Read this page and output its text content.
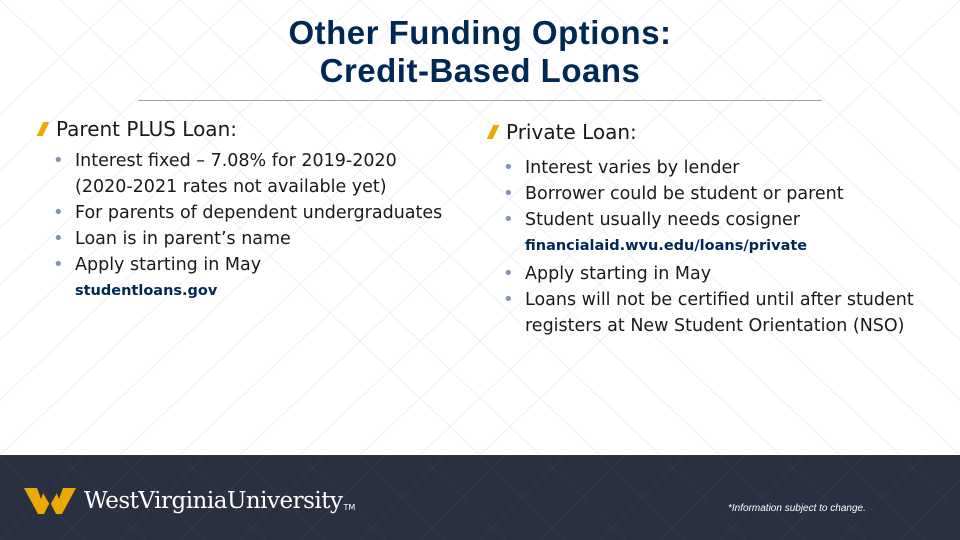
Other Funding Options:
Credit-Based Loans
Parent PLUS Loan:
• Interest fixed – 7.08% for 2019-2020 (2020-2021 rates not available yet)
• For parents of dependent undergraduates
• Loan is in parent’s name
• Apply starting in May
studentloans.gov
Private Loan:
• Interest varies by lender
• Borrower could be student or parent
• Student usually needs cosigner
financialaid.wvu.edu/loans/private
• Apply starting in May
• Loans will not be certified until after student registers at New Student Orientation (NSO)
WestVirginiaUniversity TM	*Information subject to change.
